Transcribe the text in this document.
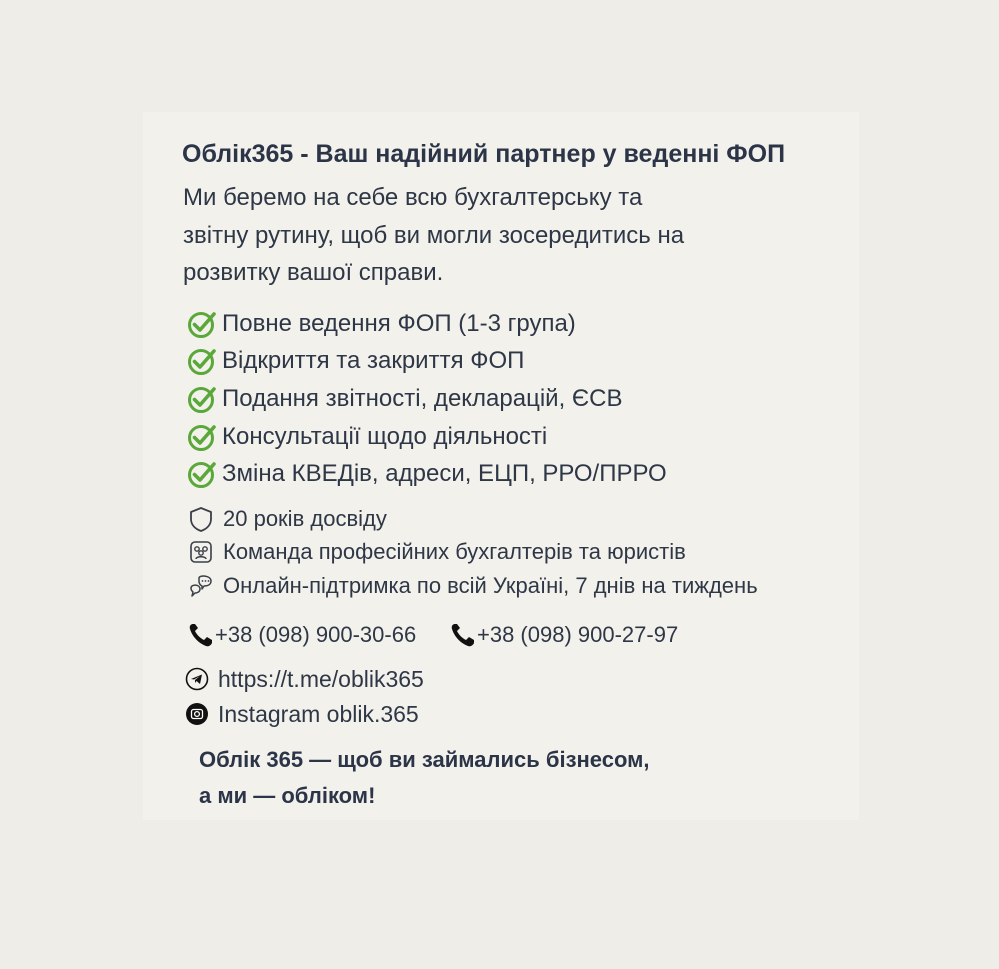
Облік365 - Ваш надійний партнер у веденні ФОП
Ми беремо на себе всю бухгалтерську та
звітну рутину, щоб ви могли зосередитись на
розвитку вашої справи.
Повне ведення ФОП (1-3 група)
Відкриття та закриття ФОП
Подання звітності, декларацій, ЄСВ
Консультації щодо діяльності
Зміна КВЕДів, адреси, ЕЦП, РРО/ПРРО
20 років досвіду
Команда професійних бухгалтерів та юристів
Онлайн-підтримка по всій Україні, 7 днів на тиждень
+38 (098) 900-30-66	+38 (098) 900-27-97
https://t.me/oblik365
Instagram oblik.365
Облік 365 — щоб ви займались бізнесом,
а ми — обліком!
